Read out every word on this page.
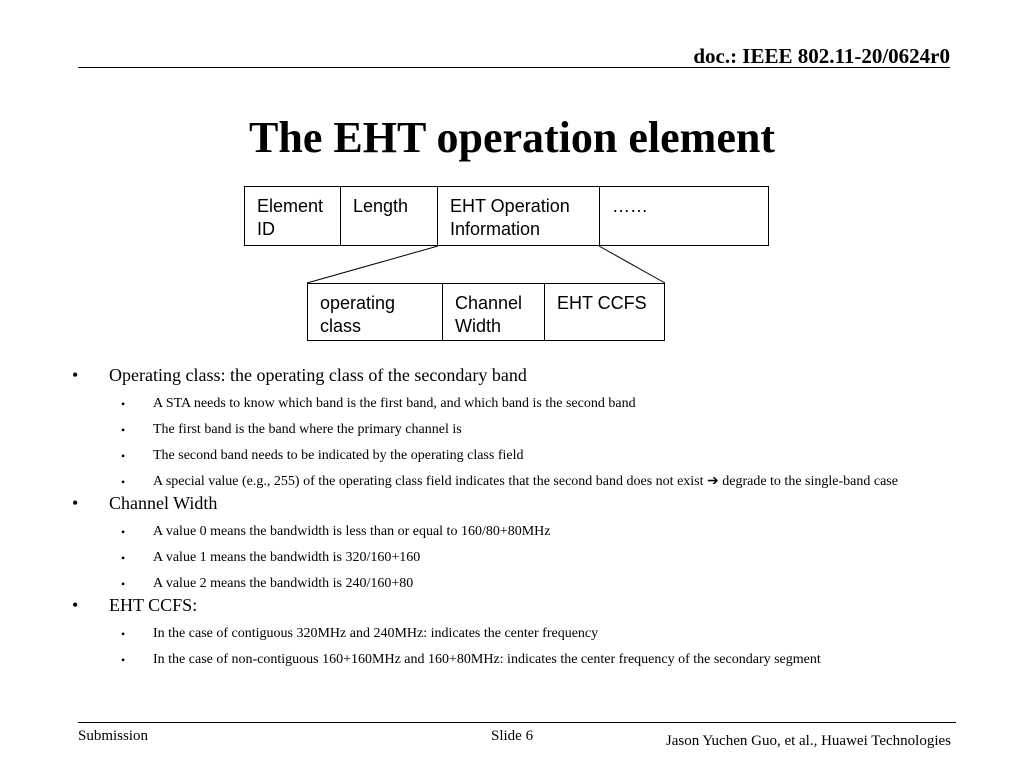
doc.: IEEE 802.11-20/0624r0
The EHT operation element
Element ID
Length	EHT Operation Information
……
operating class
Channel Width
EHT CCFS
• Operating class: the operating class of the secondary band
• A STA needs to know which band is the first band, and which band is the second band
• The first band is the band where the primary channel is
• The second band needs to be indicated by the operating class field
• A special value (e.g., 255) of the operating class field indicates that the second band does not exist ➔ degrade to the single-band case
• Channel Width
• A value 0 means the bandwidth is less than or equal to 160/80+80MHz
• A value 1 means the bandwidth is 320/160+160
• A value 2 means the bandwidth is 240/160+80
• EHT CCFS:
• In the case of contiguous 320MHz and 240MHz: indicates the center frequency
• In the case of non-contiguous 160+160MHz and 160+80MHz: indicates the center frequency of the secondary segment
Submission	Slide 6	Jason Yuchen Guo, et al., Huawei Technologies
